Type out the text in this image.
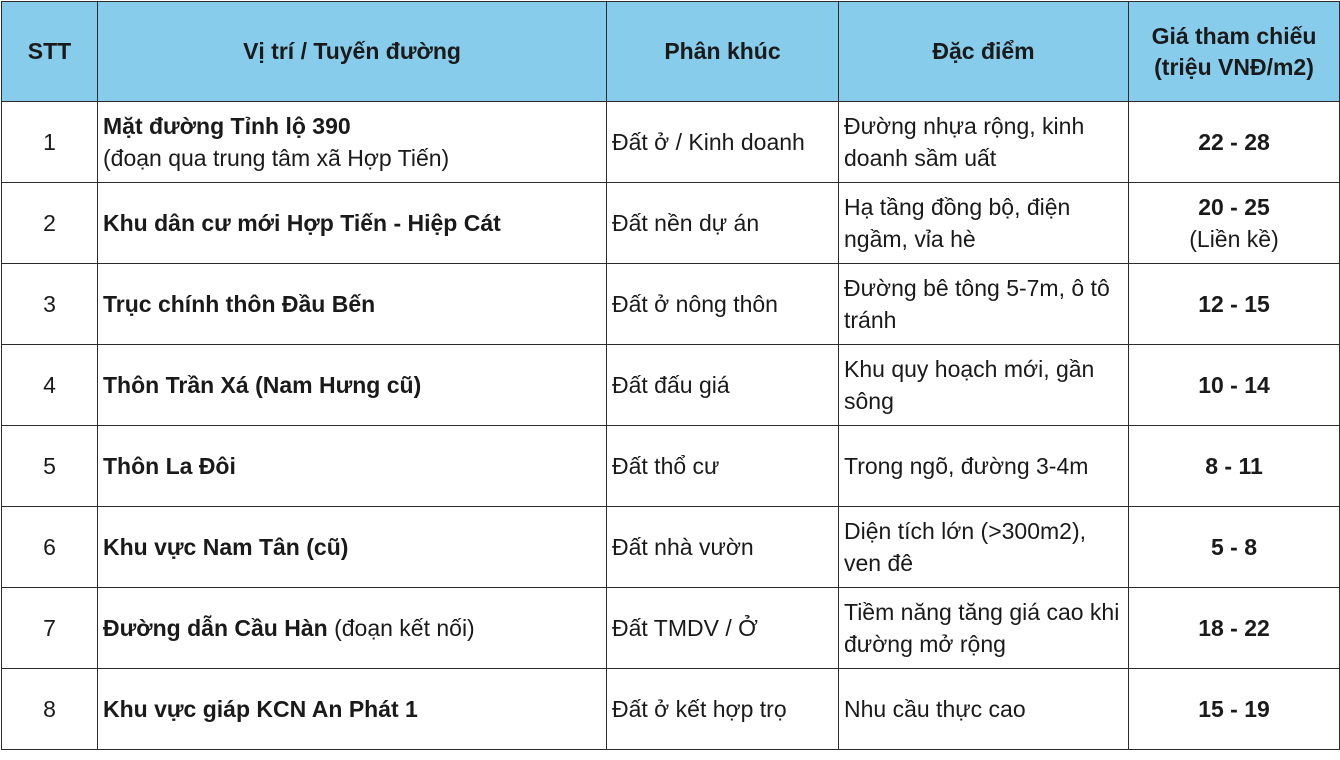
STT	Vị trí / Tuyến đường	Phân khúc	Đặc điểm	Giá tham chiếu
(triệu VNĐ/m2)

1	Mặt đường Tỉnh lộ 390
(đoạn qua trung tâm xã Hợp Tiến)	Đất ở / Kinh doanh	Đường nhựa rộng, kinh doanh sầm uất	22 - 28
2	Khu dân cư mới Hợp Tiến - Hiệp Cát	Đất nền dự án	Hạ tầng đồng bộ, điện ngầm, vỉa hè	20 - 25
(Liền kề)

3	Trục chính thôn Đầu Bến	Đất ở nông thôn	Đường bê tông 5-7m, ô tô tránh	12 - 15
4	Thôn Trần Xá (Nam Hưng cũ)	Đất đấu giá	Khu quy hoạch mới, gần sông	10 - 14
5	Thôn La Đôi	Đất thổ cư	Trong ngõ, đường 3-4m	8 - 11
6	Khu vực Nam Tân (cũ)	Đất nhà vườn	Diện tích lớn (>300m2), ven đê	5 - 8
7	Đường dẫn Cầu Hàn (đoạn kết nối)	Đất TMDV / Ở	Tiềm năng tăng giá cao khi đường mở rộng	18 - 22
8	Khu vực giáp KCN An Phát 1	Đất ở kết hợp trọ	Nhu cầu thực cao	15 - 19
